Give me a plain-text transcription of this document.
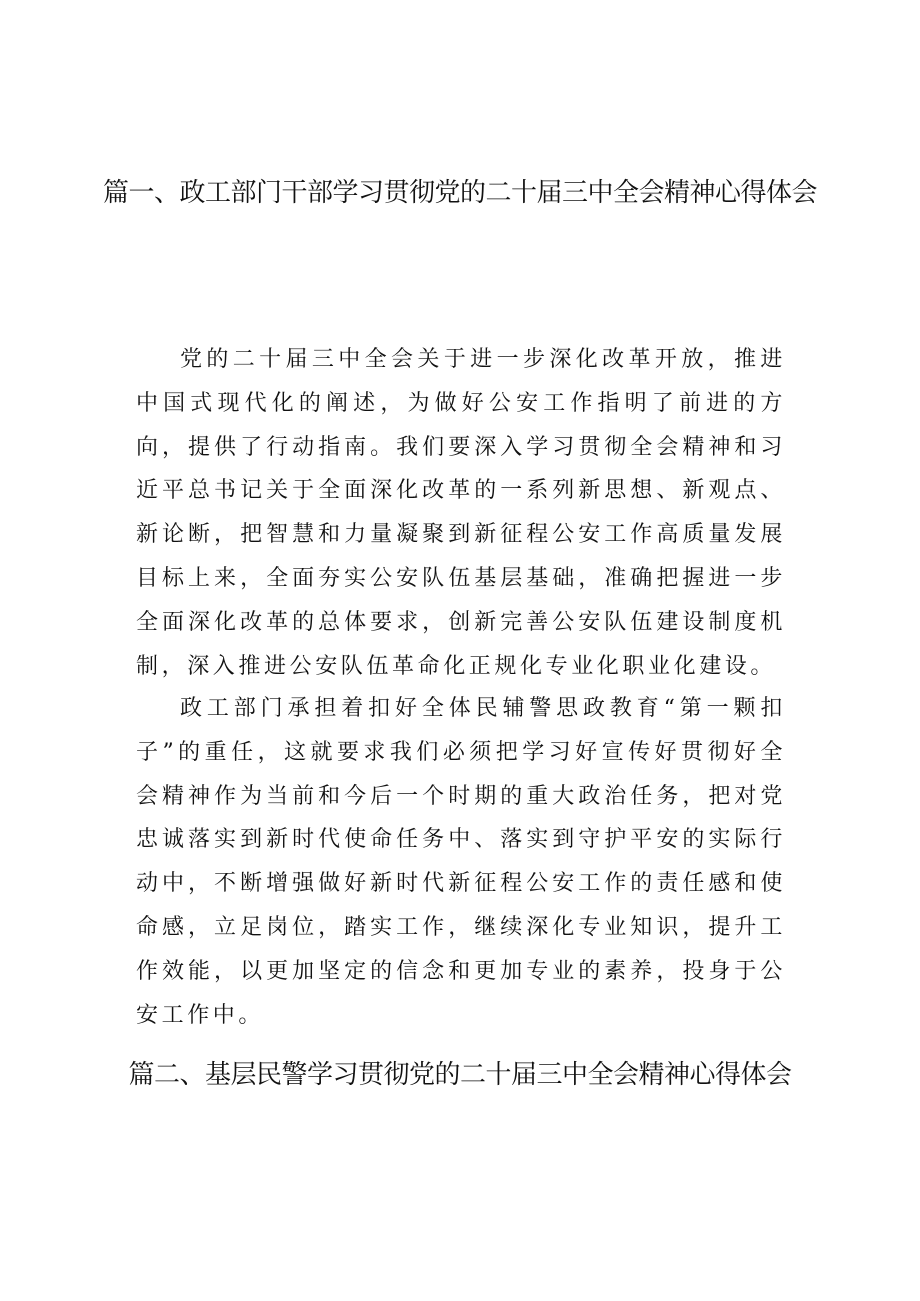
篇一、政工部门干部学习贯彻党的二十届三中全会精神心得体会

党的二十届三中全会关于进一步深化改革开放，推进中国式现代化的阐述，为做好公安工作指明了前进的方向，提供了行动指南。我们要深入学习贯彻全会精神和习近平总书记关于全面深化改革的一系列新思想、新观点、新论断，把智慧和力量凝聚到新征程公安工作高质量发展目标上来，全面夯实公安队伍基层基础，准确把握进一步全面深化改革的总体要求，创新完善公安队伍建设制度机制，深入推进公安队伍革命化正规化专业化职业化建设。

政工部门承担着扣好全体民辅警思政教育“第一颗扣子”的重任，这就要求我们必须把学习好宣传好贯彻好全会精神作为当前和今后一个时期的重大政治任务，把对党忠诚落实到新时代使命任务中、落实到守护平安的实际行动中，不断增强做好新时代新征程公安工作的责任感和使命感，立足岗位，踏实工作，继续深化专业知识，提升工作效能，以更加坚定的信念和更加专业的素养，投身于公安工作中。

篇二、基层民警学习贯彻党的二十届三中全会精神心得体会
